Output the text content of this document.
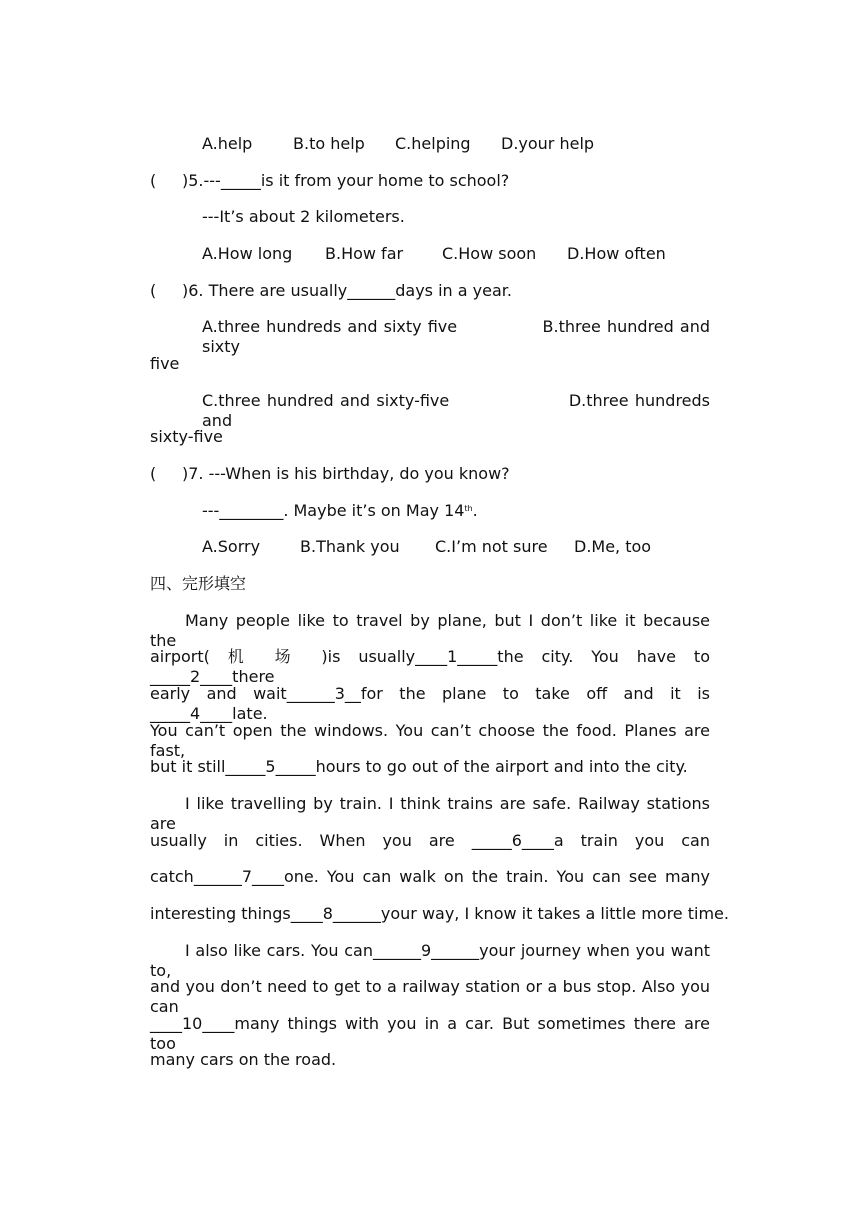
A.help	B.to help C.helping D.your help
( )5.---_____is it from your home to school?
---It’s about 2 kilometers.
A.How long B.How far C.How soon D.How often
( )6. There are usually______days in a year.
A.three hundreds and sixty five              B.three hundred and sixty
five
C.three hundred and sixty-five                   D.three hundreds and
sixty-five
( )7. ---When is his birthday, do you know?
---________. Maybe it’s on May 14th.
A.Sorry B.Thank you C.I’m not sure D.Me, too
四、完形填空
Many people like to travel by plane, but I don’t like it because the
airport( 机 场 )is usually____1_____the city. You have to _____2____there
early and wait______3__for the plane to take off and it is _____4____late.
You can’t open the windows. You can’t choose the food. Planes are fast,
but it still_____5_____hours to go out of the airport and into the city.
I like travelling by train. I think trains are safe. Railway stations are
usually in cities. When you are _____6____a train you can
catch______7____one. You can walk on the train. You can see many
interesting things____8______your way, I know it takes a little more time.
I also like cars. You can______9______your journey when you want to,
and you don’t need to get to a railway station or a bus stop. Also you can
____10____many things with you in a car. But sometimes there are too
many cars on the road.
